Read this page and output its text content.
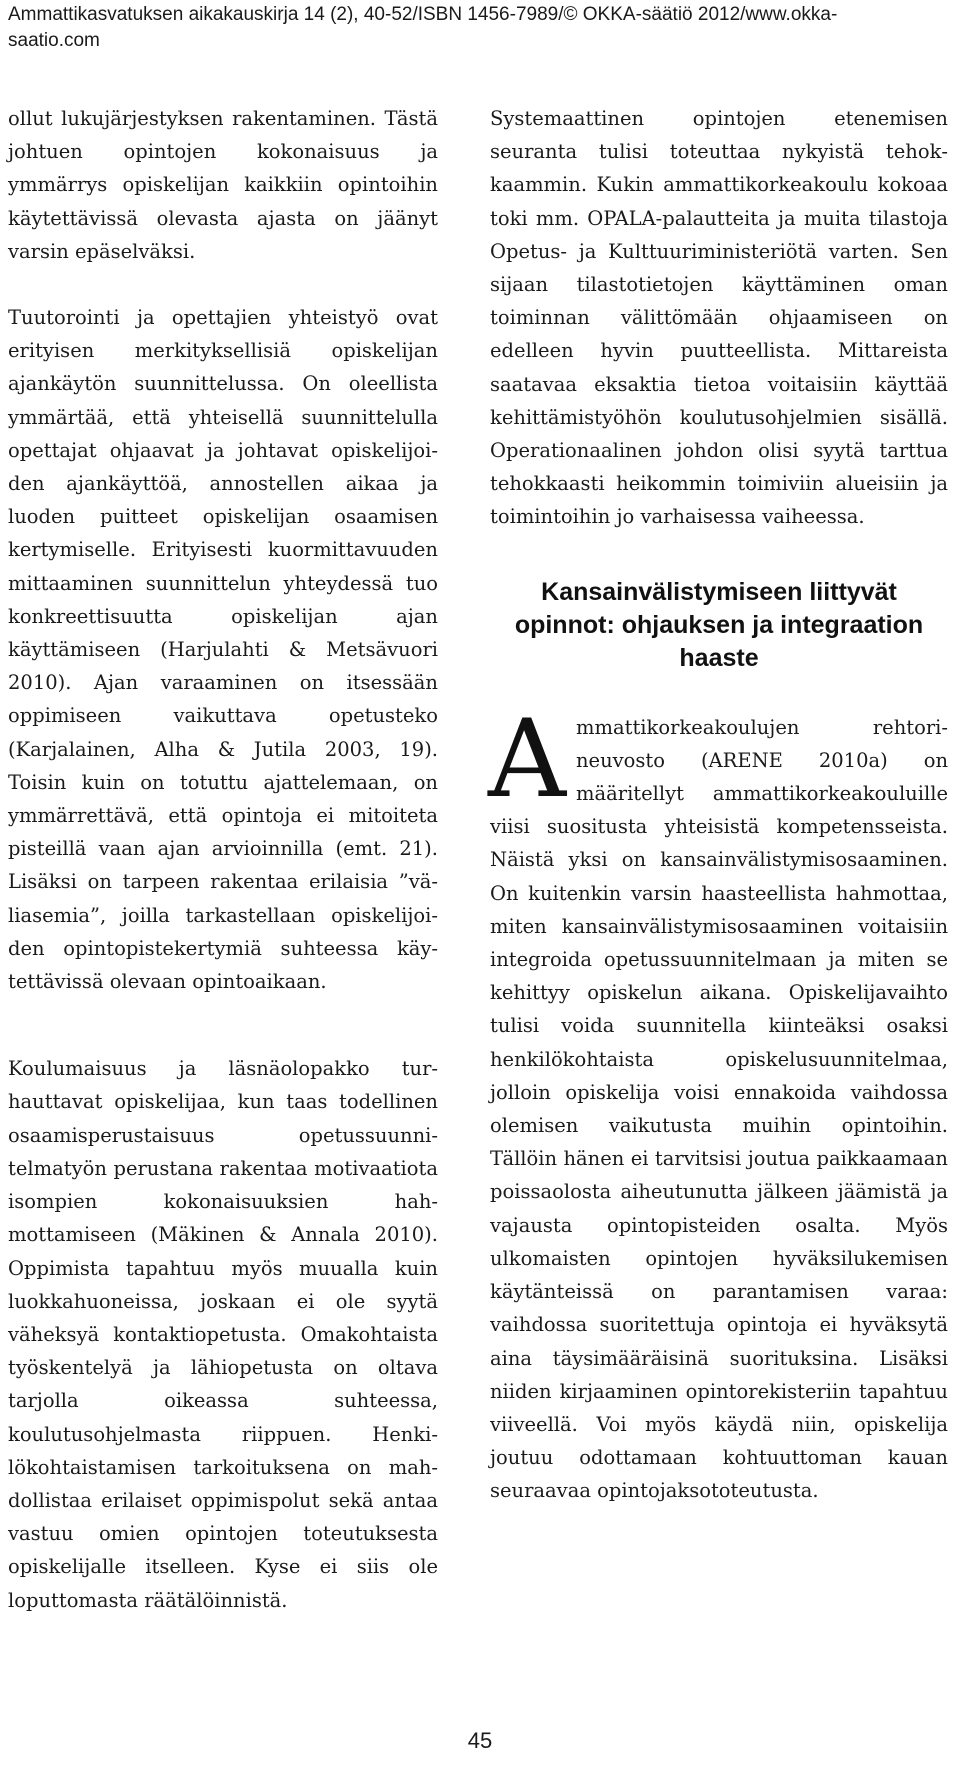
Ammattikasvatuksen aikakauskirja 14 (2), 40-52/ISBN 1456-7989/© OKKA-säätiö 2012/www.okka-saatio.com

ollut lukujärjestyksen rakentaminen. Tästä johtuen opintojen kokonaisuus ja ymmärrys opiskelijan kaikkiin opintoihin käytettävissä olevasta ajasta on jäänyt varsin epäselväksi.

Tuutorointi ja opettajien yhteistyö ovat erityisen merkityksellisiä opiskelijan ajankäytön suunnittelussa. On oleellista ymmärtää, että yhteisellä suunnittelulla opettajat ohjaavat ja johtavat opiskelijoiden ajankäyttöä, annostellen aikaa ja luoden puitteet opiskelijan osaamisen kertymiselle. Erityisesti kuormittavuuden mittaaminen suunnittelun yhteydessä tuo konkreettisuutta opiskelijan ajan käyttämiseen (Harjulahti & Metsävuori 2010). Ajan varaaminen on itsessään oppimiseen vaikuttava opetusteko (Karjalainen, Alha & Jutila 2003, 19). Toisin kuin on totuttu ajattelemaan, on ymmärrettävä, että opintoja ei mitoiteta pisteillä vaan ajan arvioinnilla (emt. 21). Lisäksi on tarpeen rakentaa erilaisia ”väliasemia”, joilla tarkastellaan opiskelijoiden opintopistekertymiä suhteessa käytettävissä olevaan opintoaikaan.

Koulumaisuus ja läsnäolopakko turhauttavat opiskelijaa, kun taas todellinen osaamisperustaisuus opetussuunnitelmatyön perustana rakentaa motivaatiota isompien kokonaisuuksien hahmottamiseen (Mäkinen & Annala 2010). Oppimista tapahtuu myös muualla kuin luokkahuoneissa, joskaan ei ole syytä väheksyä kontaktiopetusta. Omakohtaista työskentelyä ja lähiopetusta on oltava tarjolla oikeassa suhteessa, koulutusohjelmasta riippuen. Henkilökohtaistamisen tarkoituksena on mahdollistaa erilaiset oppimispolut sekä antaa vastuu omien opintojen toteutuksesta opiskelijalle itselleen. Kyse ei siis ole loputtomasta räätälöinnistä.

Systemaattinen opintojen etenemisen seuranta tulisi toteuttaa nykyistä tehokkaammin. Kukin ammattikorkeakoulu kokoaa toki mm. OPALA-palautteita ja muita tilastoja Opetus- ja Kulttuuriministeriötä varten. Sen sijaan tilastotietojen käyttäminen oman toiminnan välittömään ohjaamiseen on edelleen hyvin puutteellista. Mittareista saatavaa eksaktia tietoa voitaisiin käyttää kehittämistyöhön koulutusohjelmien sisällä. Operationaalinen johdon olisi syytä tarttua tehokkaasti heikommin toimiviin alueisiin ja toimintoihin jo varhaisessa vaiheessa.

Kansainvälistymiseen liittyvät opinnot: ohjauksen ja integraation haaste

Ammattikorkeakoulujen rehtorineuvosto (ARENE 2010a) on määritellyt ammattikorkeakouluille viisi suositusta yhteisistä kompetensseista. Näistä yksi on kansainvälistymisosaaminen. On kuitenkin varsin haasteellista hahmottaa, miten kansainvälistymisosaaminen voitaisiin integroida opetussuunnitelmaan ja miten se kehittyy opiskelun aikana. Opiskelijavaihto tulisi voida suunnitella kiinteäksi osaksi henkilökohtaista opiskelusuunnitelmaa, jolloin opiskelija voisi ennakoida vaihdossa olemisen vaikutusta muihin opintoihin. Tällöin hänen ei tarvitsisi joutua paikkaamaan poissaolosta aiheutunutta jälkeen jäämistä ja vajausta opintopisteiden osalta. Myös ulkomaisten opintojen hyväksilukemisen käytänteissä on parantamisen varaa: vaihdossa suoritettuja opintoja ei hyväksytä aina täysimääräisinä suorituksina. Lisäksi niiden kirjaaminen opintorekisteriin tapahtuu viiveellä. Voi myös käydä niin, opiskelija joutuu odottamaan kohtuuttoman kauan seuraavaa opintojaksototeutusta.

45
